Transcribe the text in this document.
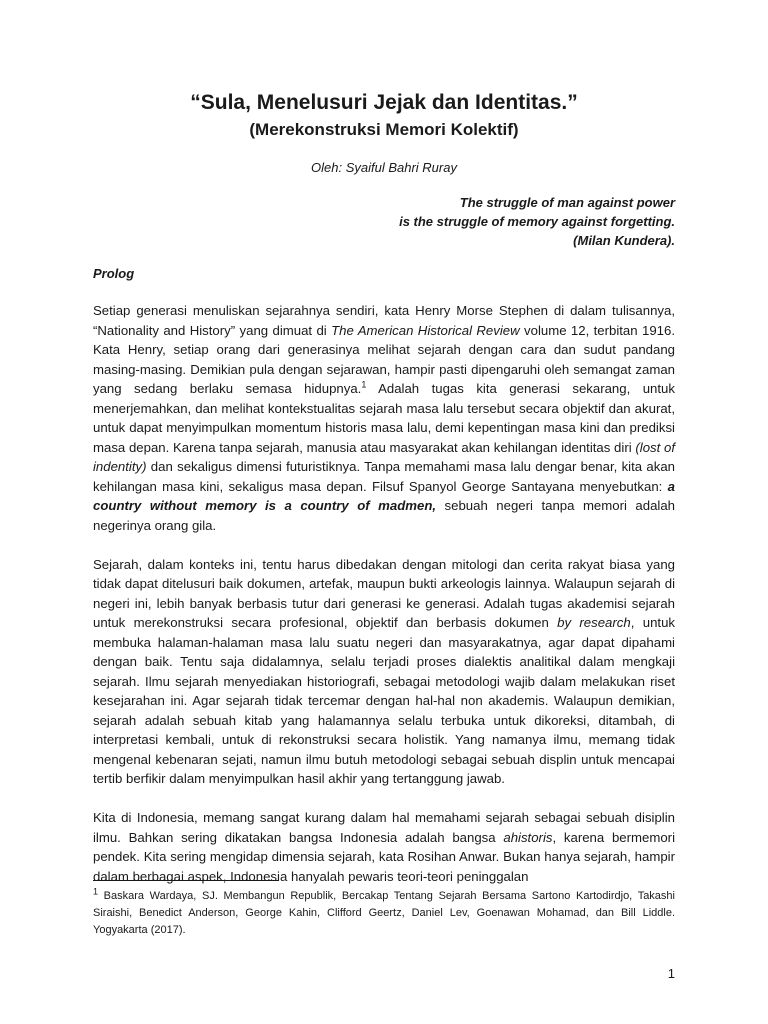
“Sula, Menelusuri Jejak dan Identitas.”
(Merekonstruksi Memori Kolektif)
Oleh: Syaiful Bahri Ruray
The struggle of man against power
is the struggle of memory against forgetting.
(Milan Kundera).
Prolog

Setiap generasi menuliskan sejarahnya sendiri, kata Henry Morse Stephen di dalam tulisannya, “Nationality and History” yang dimuat di The American Historical Review volume 12, terbitan 1916. Kata Henry, setiap orang dari generasinya melihat sejarah dengan cara dan sudut pandang masing-masing. Demikian pula dengan sejarawan, hampir pasti dipengaruhi oleh semangat zaman yang sedang berlaku semasa hidupnya.$^1$ Adalah tugas kita generasi sekarang, untuk menerjemahkan, dan melihat kontekstualitas sejarah masa lalu tersebut secara objektif dan akurat, untuk dapat menyimpulkan momentum historis masa lalu, demi kepentingan masa kini dan prediksi masa depan. Karena tanpa sejarah, manusia atau masyarakat akan kehilangan identitas diri (lost of indentity) dan sekaligus dimensi futuristiknya. Tanpa memahami masa lalu dengar benar, kita akan kehilangan masa kini, sekaligus masa depan. Filsuf Spanyol George Santayana menyebutkan: a country without memory is a country of madmen, sebuah negeri tanpa memori adalah negerinya orang gila.

Sejarah, dalam konteks ini, tentu harus dibedakan dengan mitologi dan cerita rakyat biasa yang tidak dapat ditelusuri baik dokumen, artefak, maupun bukti arkeologis lainnya. Walaupun sejarah di negeri ini, lebih banyak berbasis tutur dari generasi ke generasi. Adalah tugas akademisi sejarah untuk merekonstruksi secara profesional, objektif dan berbasis dokumen by research, untuk membuka halaman-halaman masa lalu suatu negeri dan masyarakatnya, agar dapat dipahami dengan baik. Tentu saja didalamnya, selalu terjadi proses dialektis analitikal dalam mengkaji sejarah. Ilmu sejarah menyediakan historiografi, sebagai metodologi wajib dalam melakukan riset kesejarahan ini. Agar sejarah tidak tercemar dengan hal-hal non akademis. Walaupun demikian, sejarah adalah sebuah kitab yang halamannya selalu terbuka untuk dikoreksi, ditambah, di interpretasi kembali, untuk di rekonstruksi secara holistik. Yang namanya ilmu, memang tidak mengenal kebenaran sejati, namun ilmu butuh metodologi sebagai sebuah displin untuk mencapai tertib berfikir dalam menyimpulkan hasil akhir yang tertanggung jawab.

Kita di Indonesia, memang sangat kurang dalam hal memahami sejarah sebagai sebuah disiplin ilmu. Bahkan sering dikatakan bangsa Indonesia adalah bangsa ahistoris, karena bermemori pendek. Kita sering mengidap dimensia sejarah, kata Rosihan Anwar. Bukan hanya sejarah, hampir dalam berbagai aspek, Indonesia hanyalah pewaris teori-teori peninggalan

$^1$ Baskara Wardaya, SJ. Membangun Republik, Bercakap Tentang Sejarah Bersama Sartono Kartodirdjo, Takashi Siraishi, Benedict Anderson, George Kahin, Clifford Geertz, Daniel Lev, Goenawan Mohamad, dan Bill Liddle. Yogyakarta (2017).
1
